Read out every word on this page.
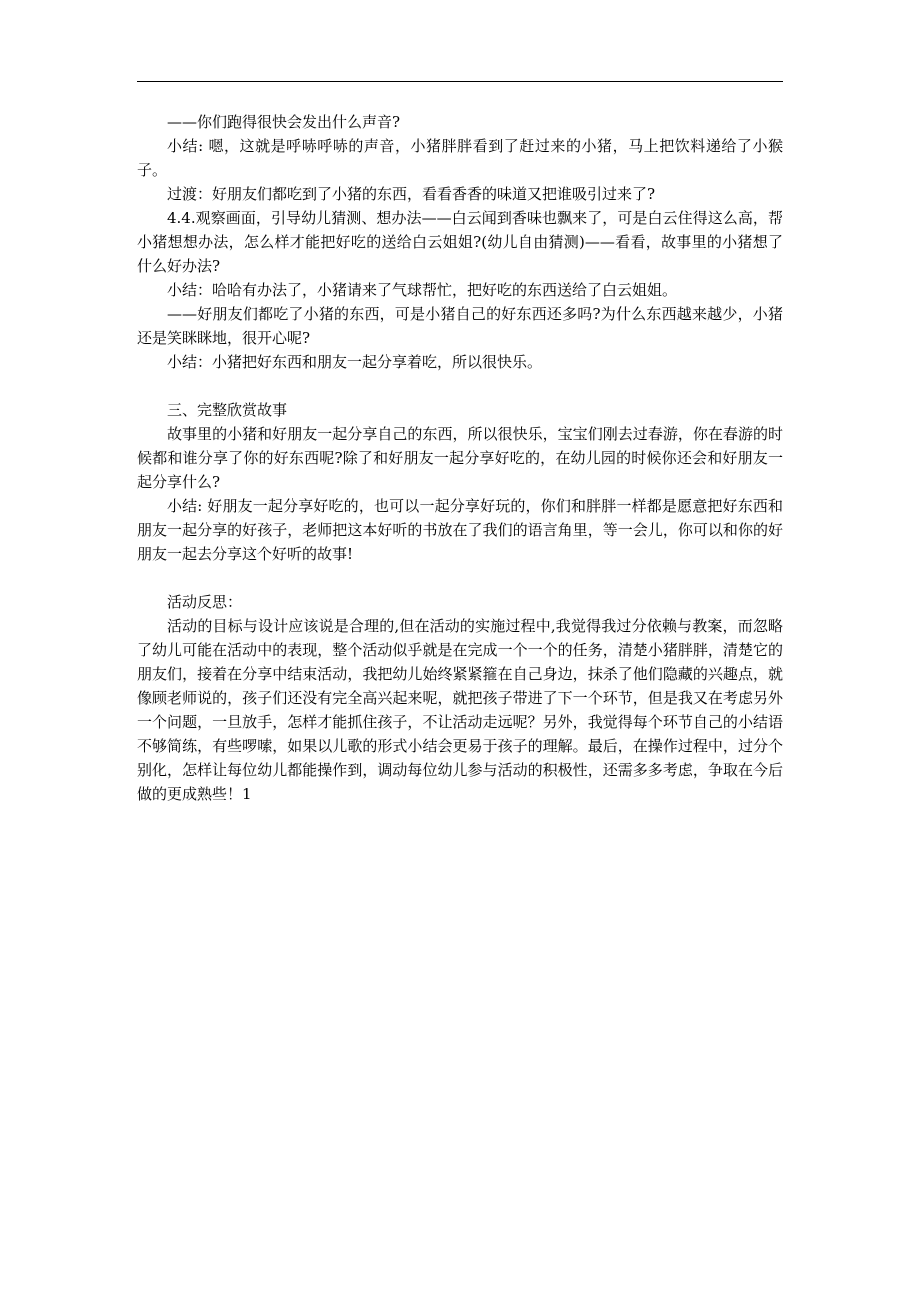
——你们跑得很快会发出什么声音?

小结: 嗯，这就是呼哧呼哧的声音，小猪胖胖看到了赶过来的小猪，马上把饮料递给了小猴子。

过渡：好朋友们都吃到了小猪的东西，看看香香的味道又把谁吸引过来了?

4.4.观察画面，引导幼儿猜测、想办法——白云闻到香味也飘来了，可是白云住得这么高，帮小猪想想办法，怎么样才能把好吃的送给白云姐姐?(幼儿自由猜测)——看看，故事里的小猪想了什么好办法?

小结：哈哈有办法了，小猪请来了气球帮忙，把好吃的东西送给了白云姐姐。

——好朋友们都吃了小猪的东西，可是小猪自己的好东西还多吗?为什么东西越来越少，小猪还是笑眯眯地，很开心呢?

小结：小猪把好东西和朋友一起分享着吃，所以很快乐。

三、完整欣赏故事

故事里的小猪和好朋友一起分享自己的东西，所以很快乐，宝宝们刚去过春游，你在春游的时候都和谁分享了你的好东西呢?除了和好朋友一起分享好吃的，在幼儿园的时候你还会和好朋友一起分享什么?

小结: 好朋友一起分享好吃的，也可以一起分享好玩的，你们和胖胖一样都是愿意把好东西和朋友一起分享的好孩子，老师把这本好听的书放在了我们的语言角里，等一会儿，你可以和你的好朋友一起去分享这个好听的故事!

活动反思：

活动的目标与设计应该说是合理的,但在活动的实施过程中,我觉得我过分依赖与教案，而忽略了幼儿可能在活动中的表现，整个活动似乎就是在完成一个一个的任务，清楚小猪胖胖，清楚它的朋友们，接着在分享中结束活动，我把幼儿始终紧紧箍在自己身边，抹杀了他们隐藏的兴趣点，就像顾老师说的，孩子们还没有完全高兴起来呢，就把孩子带进了下一个环节，但是我又在考虑另外一个问题，一旦放手，怎样才能抓住孩子，不让活动走远呢？另外，我觉得每个环节自己的小结语不够简练，有些啰嗦，如果以儿歌的形式小结会更易于孩子的理解。最后，在操作过程中，过分个别化，怎样让每位幼儿都能操作到，调动每位幼儿参与活动的积极性，还需多多考虑，争取在今后做的更成熟些！1
